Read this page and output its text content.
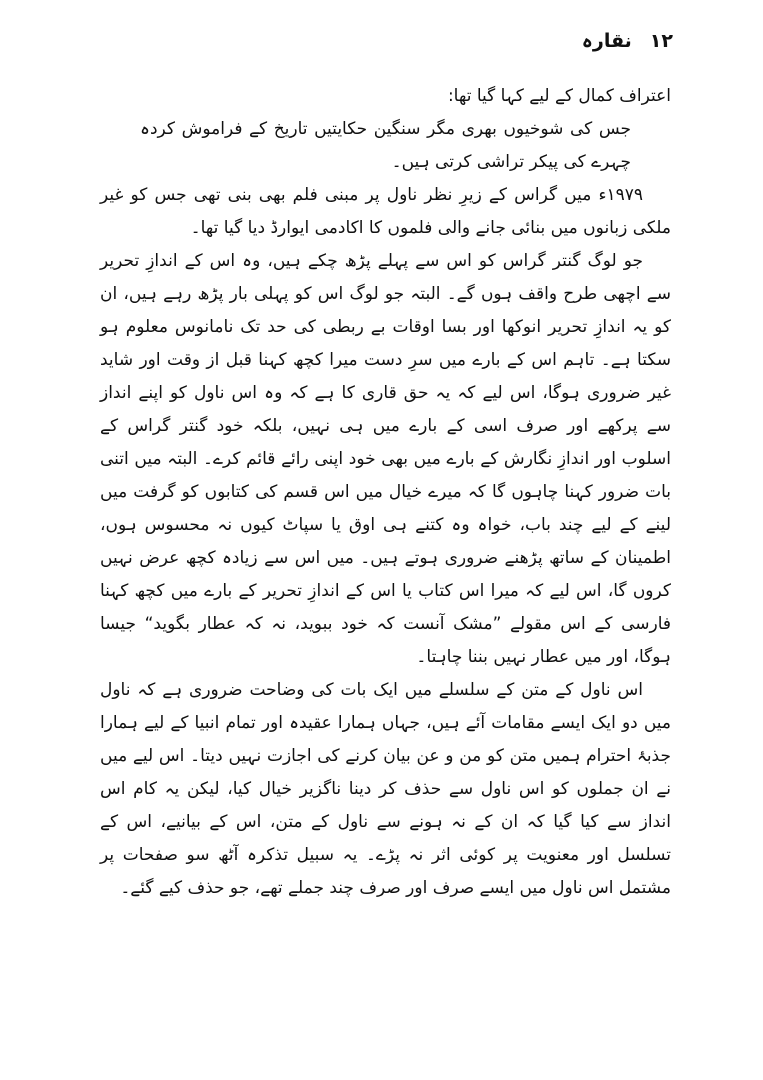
۱۲
نقارہ

اعتراف کمال کے لیے کہا گیا تھا:

جس کی شوخیوں بھری مگر سنگین حکایتیں تاریخ کے فراموش کردہ چہرے کی پیکر تراشی کرتی ہیں۔

۱۹۷۹ء میں گراس کے زیرِ نظر ناول پر مبنی فلم بھی بنی تھی جس کو غیر ملکی زبانوں میں بنائی جانے والی فلموں کا اکادمی ایوارڈ دیا گیا تھا۔

جو لوگ گنتر گراس کو اس سے پہلے پڑھ چکے ہیں، وہ اس کے اندازِ تحریر سے اچھی طرح واقف ہوں گے۔ البتہ جو لوگ اس کو پہلی بار پڑھ رہے ہیں، ان کو یہ اندازِ تحریر انوکھا اور بسا اوقات بے ربطی کی حد تک نامانوس معلوم ہو سکتا ہے۔ تاہم اس کے بارے میں سرِ دست میرا کچھ کہنا قبل از وقت اور شاید غیر ضروری ہوگا، اس لیے کہ یہ حق قاری کا ہے کہ وہ اس ناول کو اپنے انداز سے پرکھے اور صرف اسی کے بارے میں ہی نہیں، بلکہ خود گنتر گراس کے اسلوب اور اندازِ نگارش کے بارے میں بھی خود اپنی رائے قائم کرے۔ البتہ میں اتنی بات ضرور کہنا چاہوں گا کہ میرے خیال میں اس قسم کی کتابوں کو گرفت میں لینے کے لیے چند باب، خواہ وہ کتنے ہی اوق یا سپاٹ کیوں نہ محسوس ہوں، اطمینان کے ساتھ پڑھنے ضروری ہوتے ہیں۔ میں اس سے زیادہ کچھ عرض نہیں کروں گا، اس لیے کہ میرا اس کتاب یا اس کے اندازِ تحریر کے بارے میں کچھ کہنا فارسی کے اس مقولے ”مشک آنست کہ خود ببوید، نہ کہ عطار بگوید“ جیسا ہوگا، اور میں عطار نہیں بننا چاہتا۔

اس ناول کے متن کے سلسلے میں ایک بات کی وضاحت ضروری ہے کہ ناول میں دو ایک ایسے مقامات آئے ہیں، جہاں ہمارا عقیدہ اور تمام انبیا کے لیے ہمارا جذبۂ احترام ہمیں متن کو من و عن بیان کرنے کی اجازت نہیں دیتا۔ اس لیے میں نے ان جملوں کو اس ناول سے حذف کر دینا ناگزیر خیال کیا، لیکن یہ کام اس انداز سے کیا گیا کہ ان کے نہ ہونے سے ناول کے متن، اس کے بیانیے، اس کے تسلسل اور معنویت پر کوئی اثر نہ پڑے۔ یہ سبیل تذکرہ آٹھ سو صفحات پر مشتمل اس ناول میں ایسے صرف اور صرف چند جملے تھے، جو حذف کیے گئے۔
